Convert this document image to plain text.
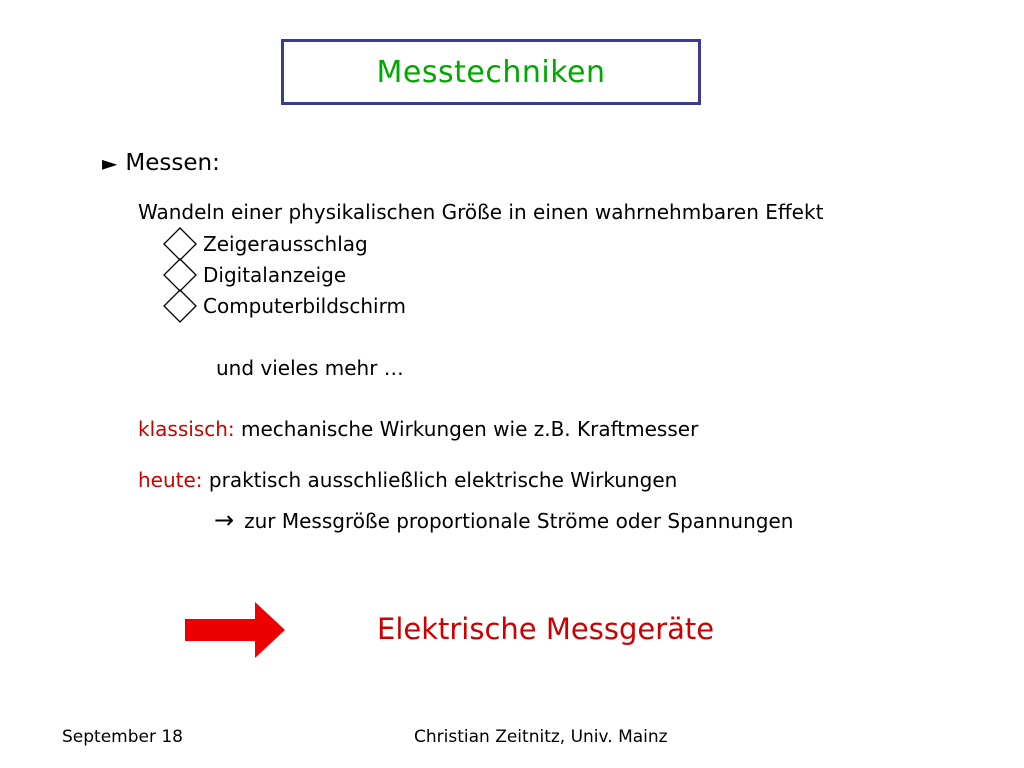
Messtechniken
► Messen:
Wandeln einer physikalischen Größe in einen wahrnehmbaren Effekt
Zeigerausschlag
Digitalanzeige
Computerbildschirm
und vieles mehr …
klassisch: mechanische Wirkungen wie z.B. Kraftmesser
heute: praktisch ausschließlich elektrische Wirkungen
→ zur Messgröße proportionale Ströme oder Spannungen
Elektrische Messgeräte
September 18	Christian Zeitnitz, Univ. Mainz
